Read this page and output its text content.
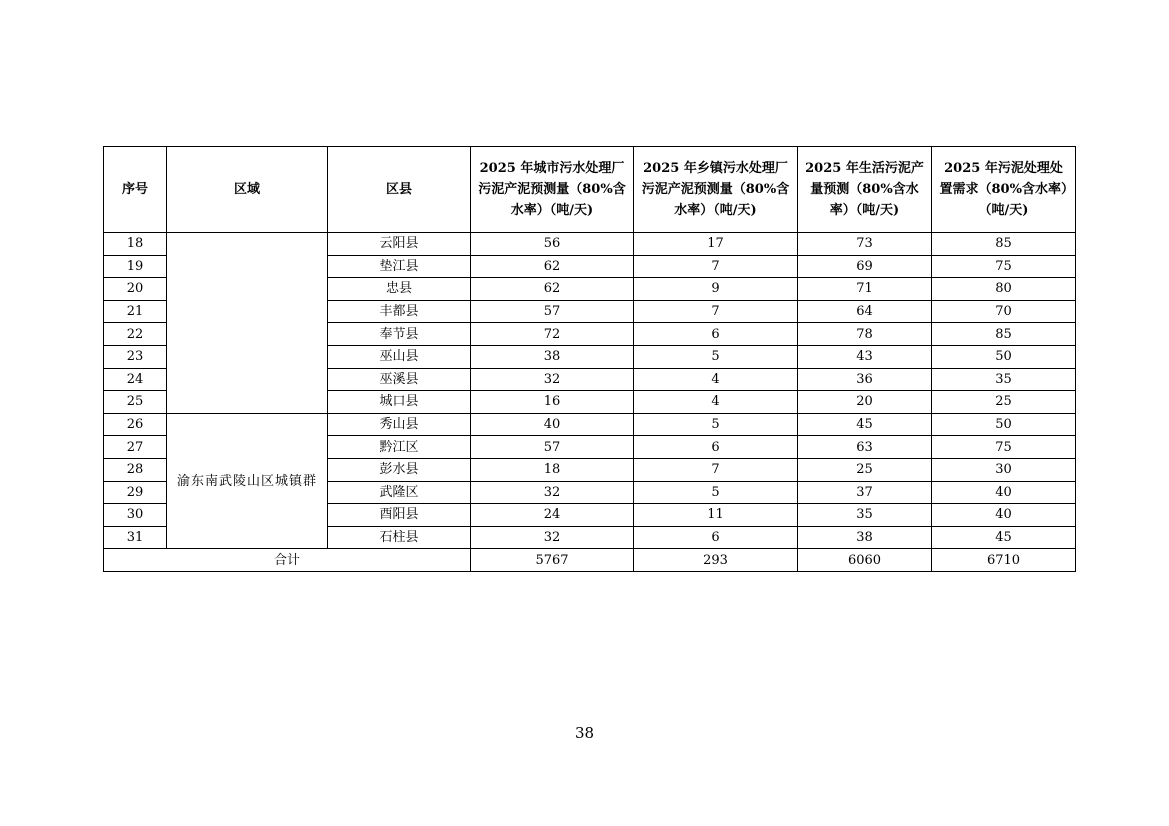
序号	区域	区县	2025 年城市污水处理厂污泥产泥预测量（80%含水率）（吨/天)	2025 年乡镇污水处理厂污泥产泥预测量（80%含水率）（吨/天)	2025 年生活污泥产量预测（80%含水率）（吨/天)	2025 年污泥处理处置需求（80%含水率）（吨/天)
18		云阳县	56	17	73	85
19		垫江县	62	7	69	75
20		忠县	62	9	71	80
21		丰都县	57	7	64	70
22		奉节县	72	6	78	85
23		巫山县	38	5	43	50
24		巫溪县	32	4	36	35
25		城口县	16	4	20	25
26	渝东南武陵山区城镇群	秀山县	40	5	45	50
27		黔江区	57	6	63	75
28		彭水县	18	7	25	30
29		武隆区	32	5	37	40
30		酉阳县	24	11	35	40
31		石柱县	32	6	38	45
合计			5767	293	6060	6710
38
